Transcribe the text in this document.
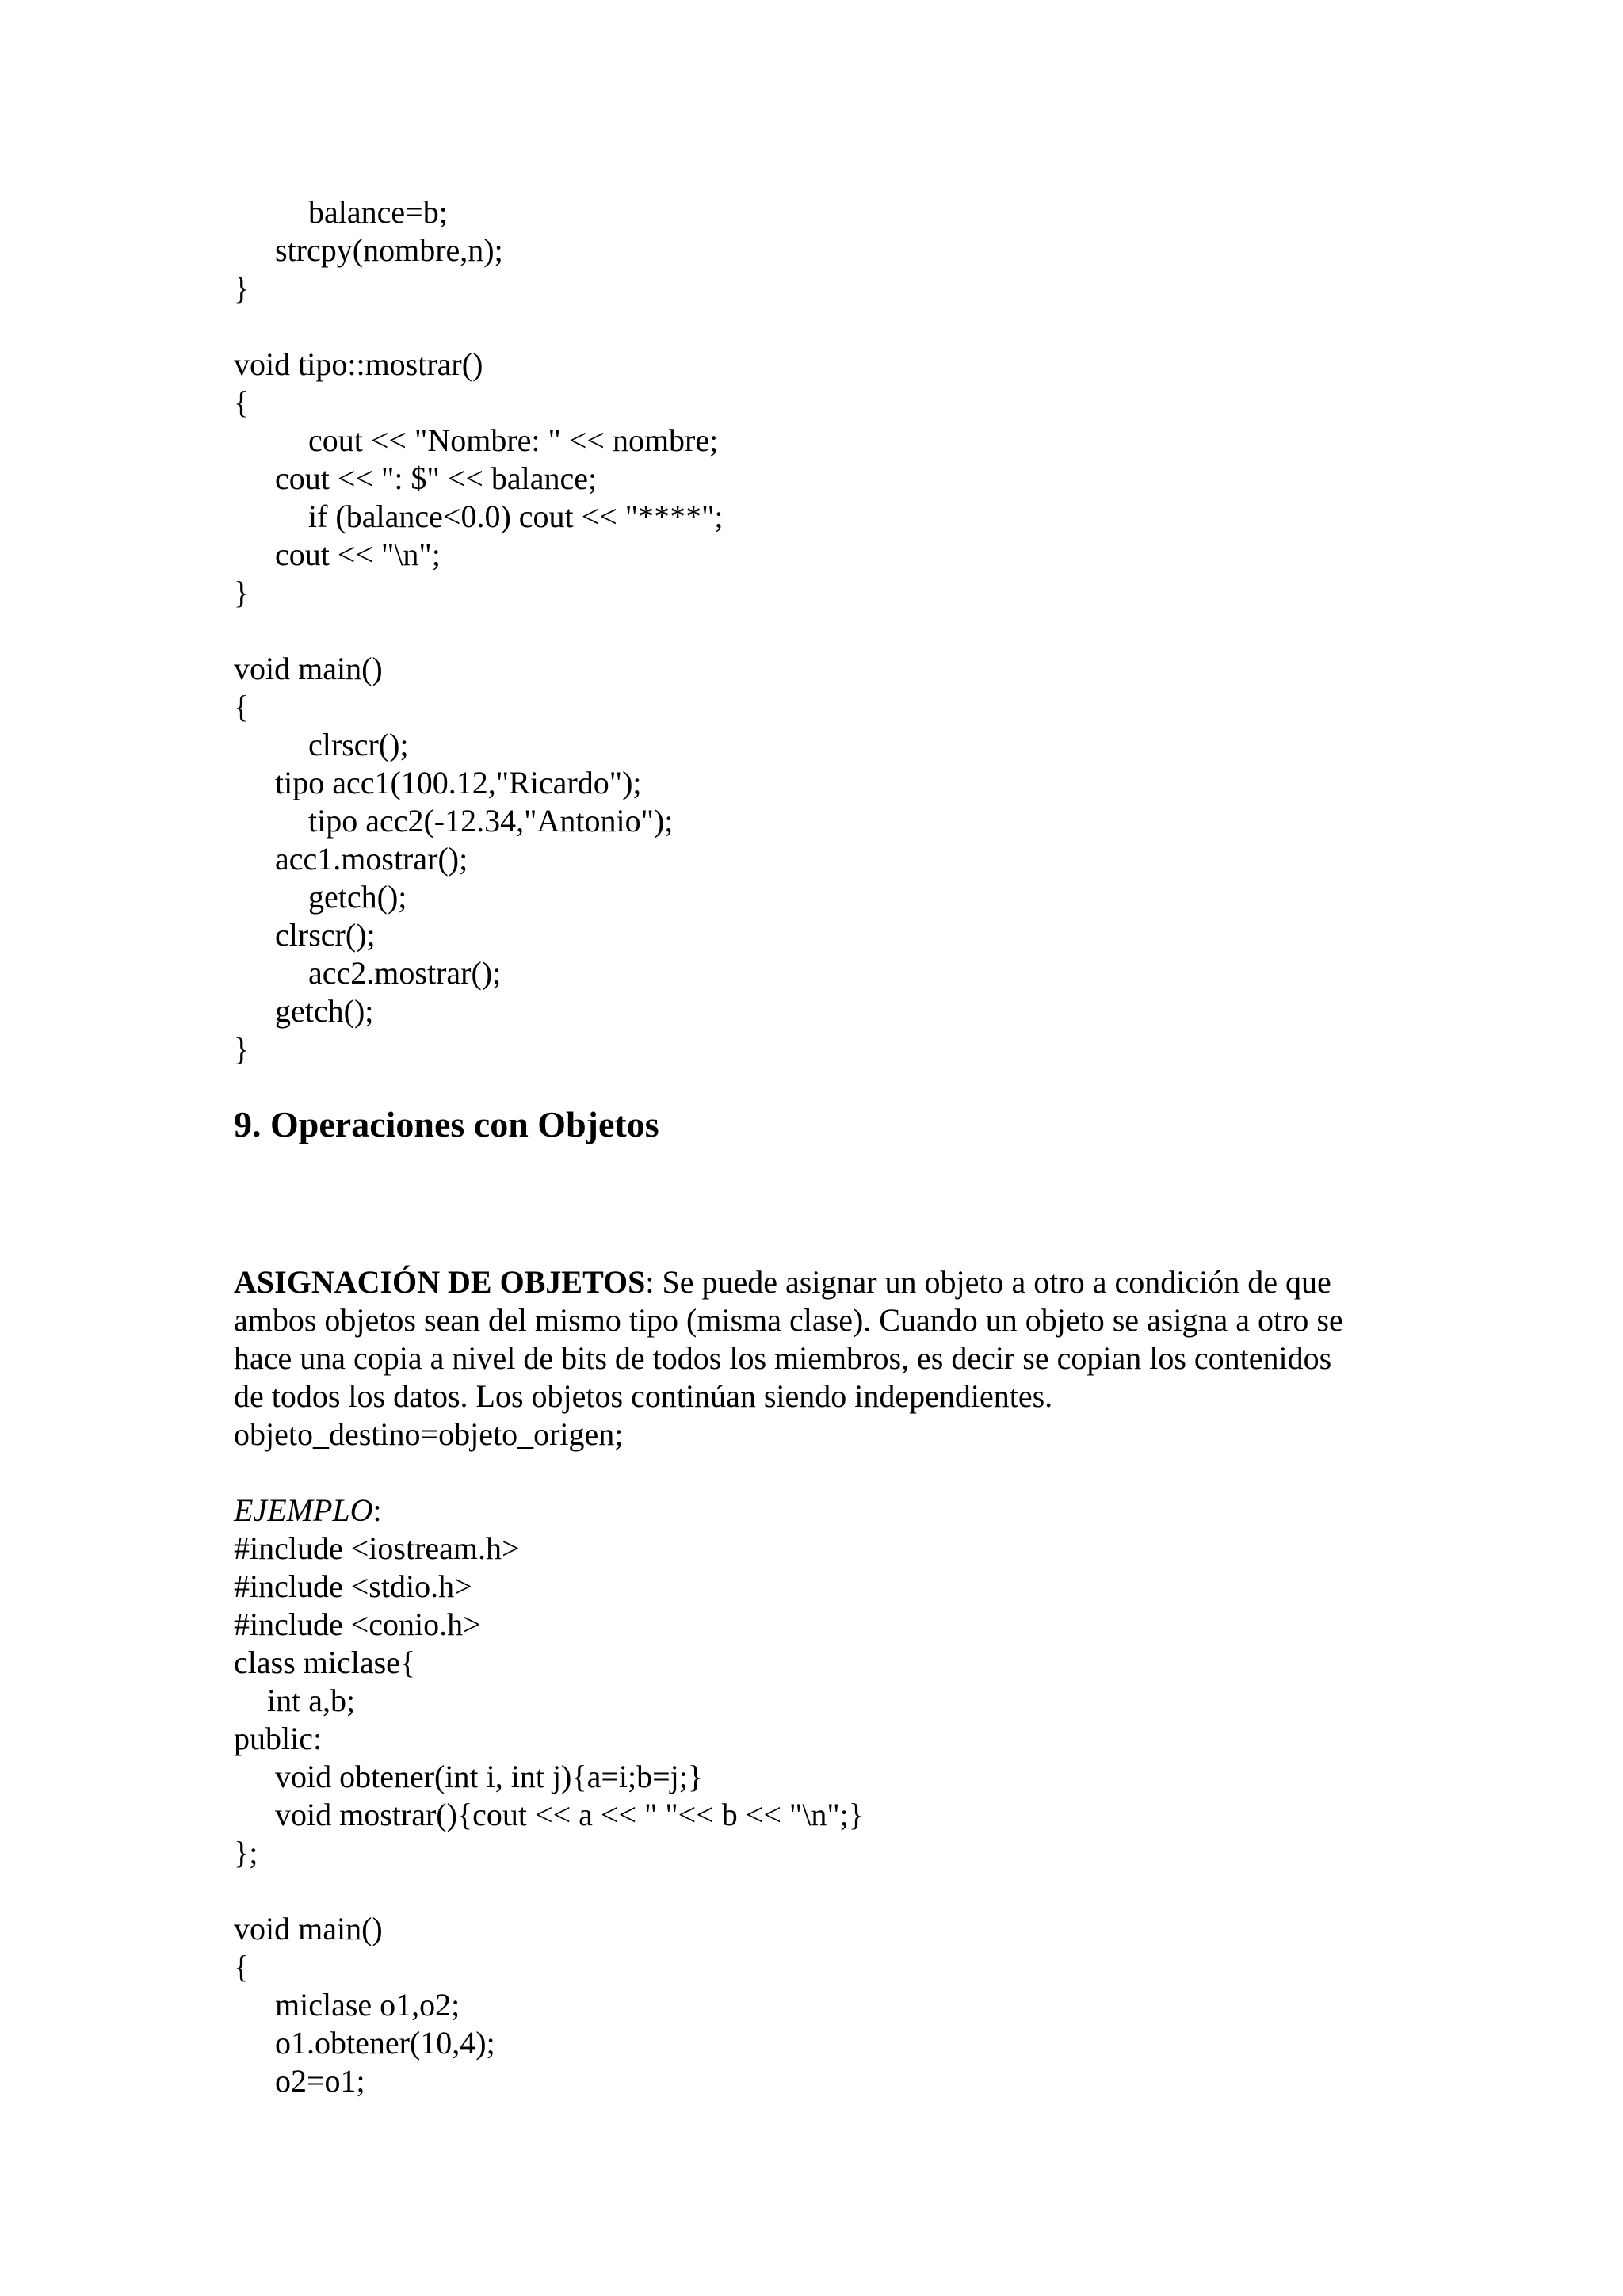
balance=b;
strcpy(nombre,n);
}
void tipo::mostrar()
{
cout << "Nombre: " << nombre;
cout << ": $" << balance;
if (balance<0.0) cout << "****";
cout << "\n";
}
void main()
{
clrscr();
tipo acc1(100.12,"Ricardo");
tipo acc2(-12.34,"Antonio");
acc1.mostrar();
getch();
clrscr();
acc2.mostrar();
getch();
}
9. Operaciones con Objetos
ASIGNACIÓN DE OBJETOS: Se puede asignar un objeto a otro a condición de que
ambos objetos sean del mismo tipo (misma clase). Cuando un objeto se asigna a otro se
hace una copia a nivel de bits de todos los miembros, es decir se copian los contenidos
de todos los datos. Los objetos continúan siendo independientes.
objeto_destino=objeto_origen;
EJEMPLO:
#include <iostream.h>
#include <stdio.h>
#include <conio.h>
class miclase{
int a,b;
public:
void obtener(int i, int j){a=i;b=j;}
void mostrar(){cout << a << " "<< b << "\n";}
};
void main()
{
miclase o1,o2;
o1.obtener(10,4);
o2=o1;
